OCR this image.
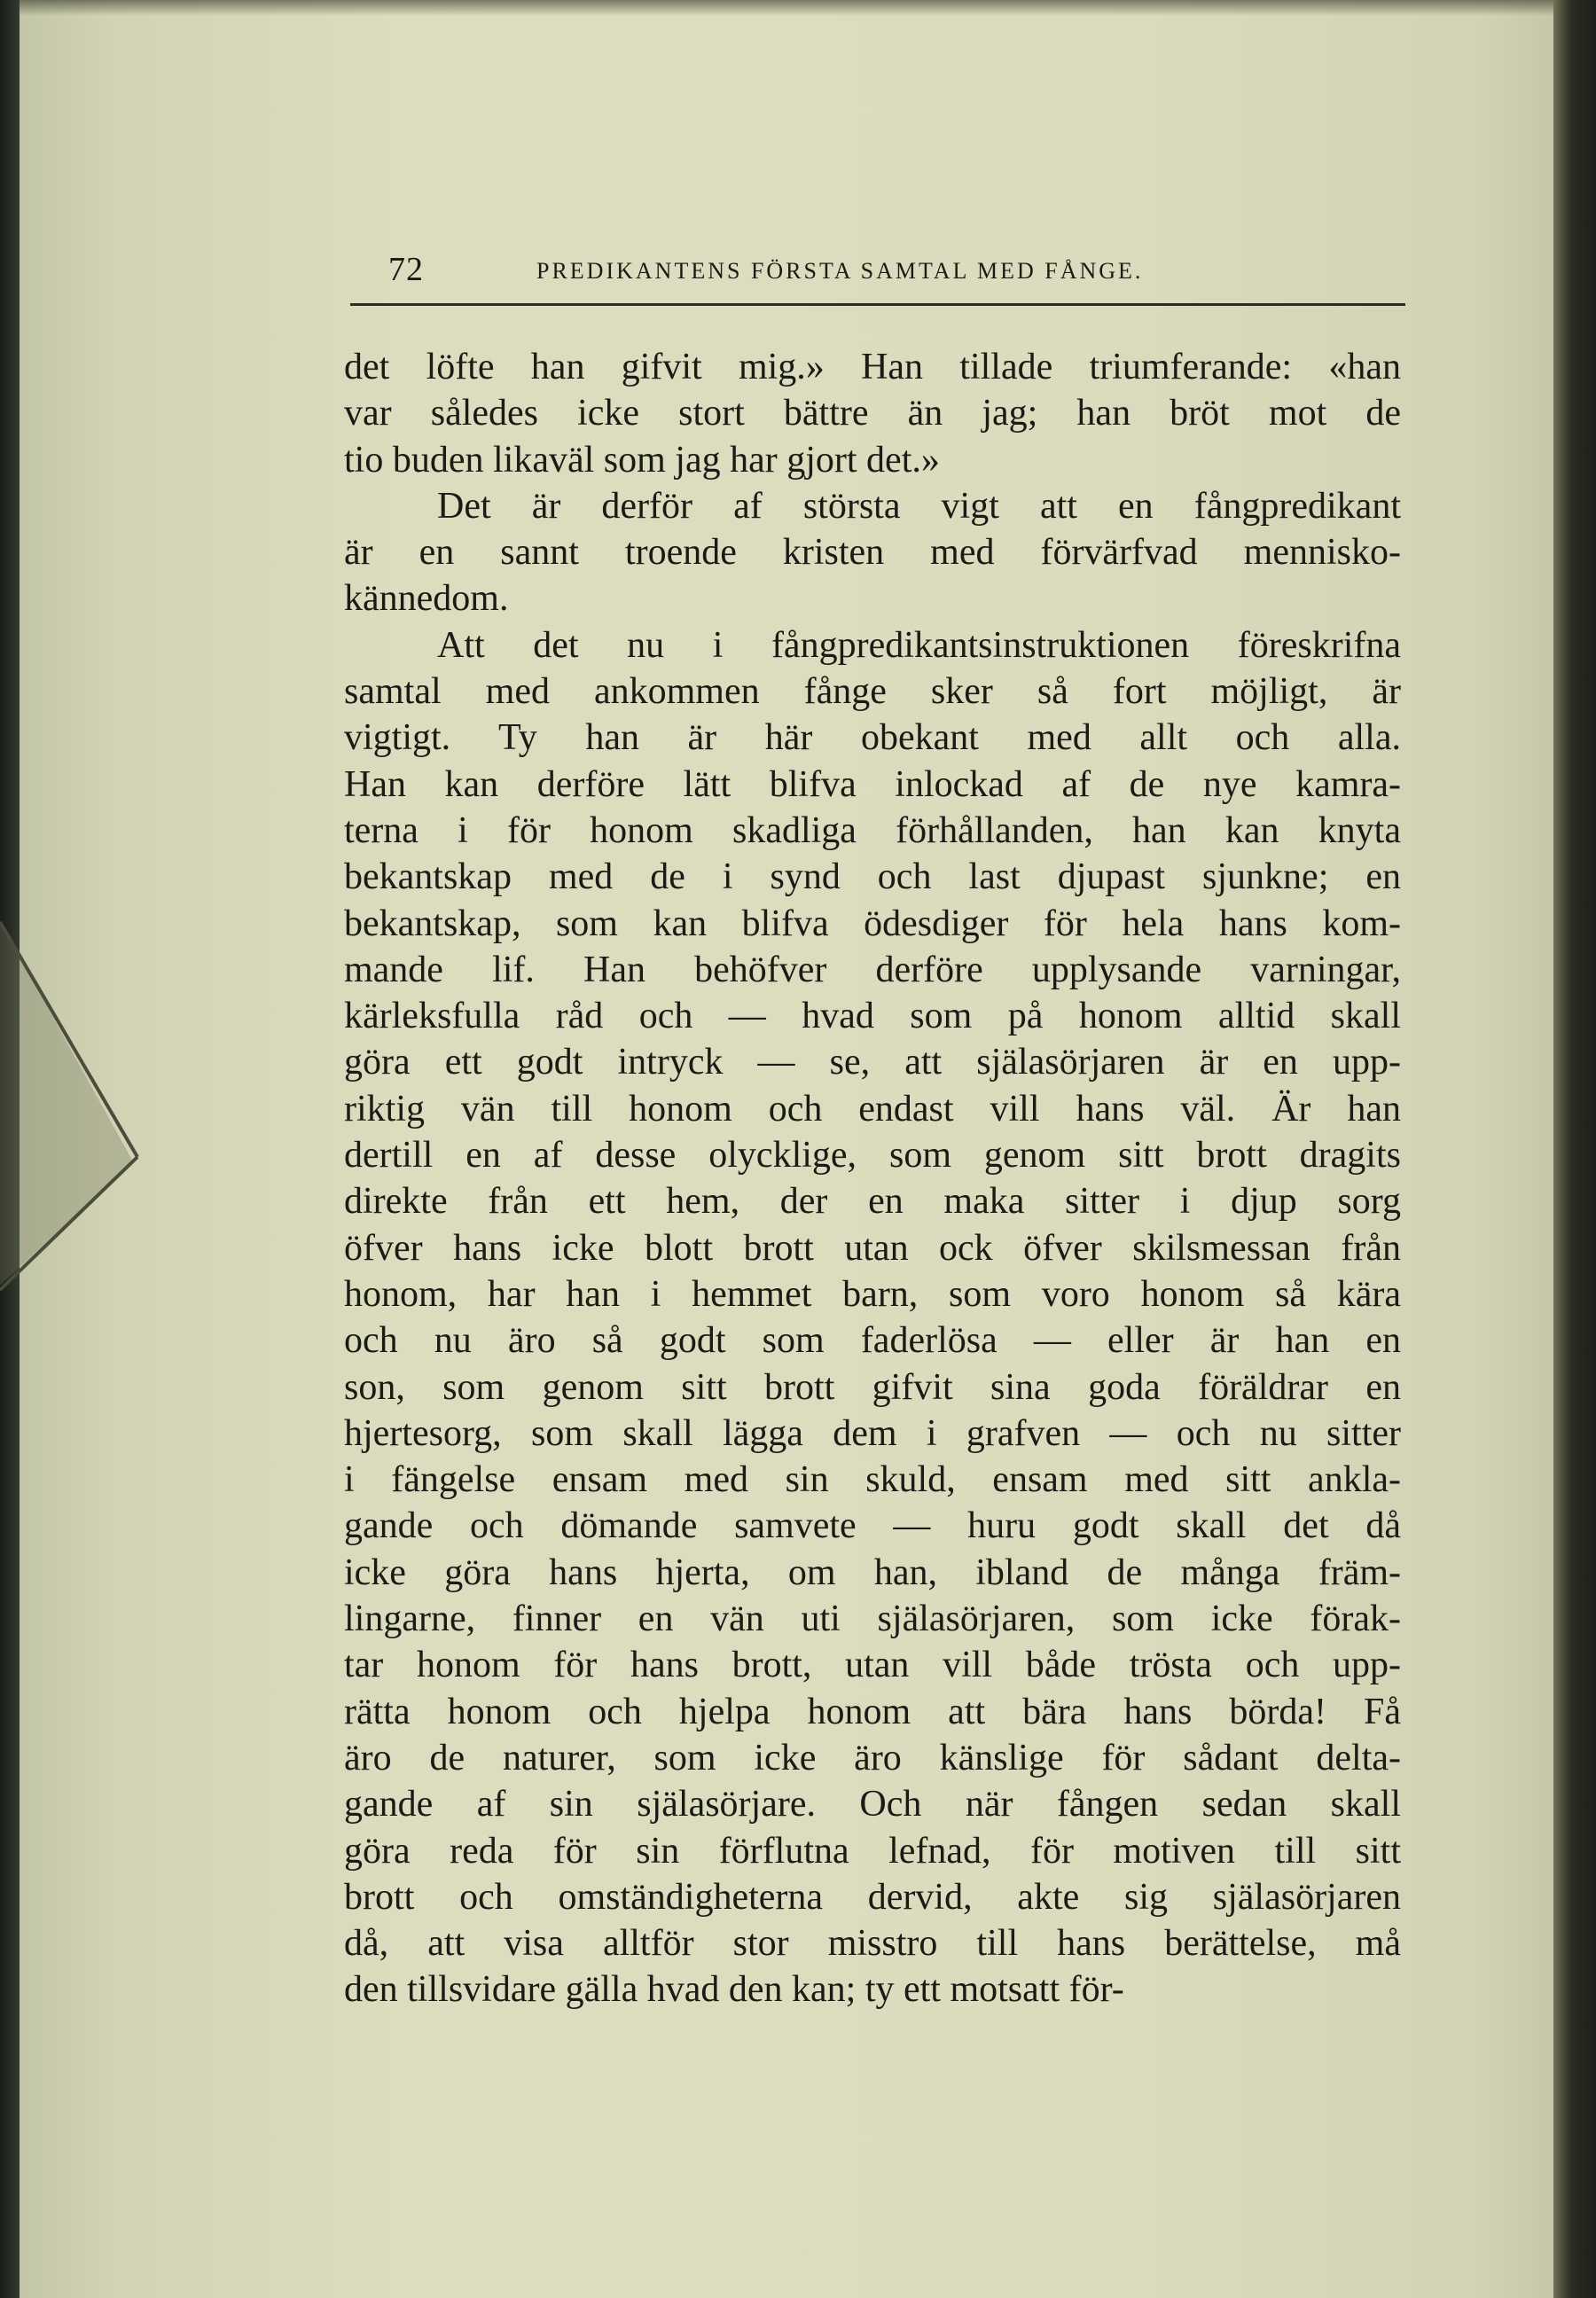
72	PREDIKANTENS FÖRSTA SAMTAL MED FÅNGE.
det löfte han gifvit mig.» Han tillade triumferande: «han
var således icke stort bättre än jag; han bröt mot de
tio buden likaväl som jag har gjort det.»
Det är derför af största vigt att en fångpredikant
är en sannt troende kristen med förvärfvad mennisko-
kännedom.
Att det nu i fångpredikantsinstruktionen föreskrifna
samtal med ankommen fånge sker så fort möjligt, är
vigtigt. Ty han är här obekant med allt och alla.
Han kan derföre lätt blifva inlockad af de nye kamra-
terna i för honom skadliga förhållanden, han kan knyta
bekantskap med de i synd och last djupast sjunkne; en
bekantskap, som kan blifva ödesdiger för hela hans kom-
mande lif. Han behöfver derföre upplysande varningar,
kärleksfulla råd och — hvad som på honom alltid skall
göra ett godt intryck — se, att själasörjaren är en upp-
riktig vän till honom och endast vill hans väl. Är han
dertill en af desse olycklige, som genom sitt brott dragits
direkte från ett hem, der en maka sitter i djup sorg
öfver hans icke blott brott utan ock öfver skilsmessan från
honom, har han i hemmet barn, som voro honom så kära
och nu äro så godt som faderlösa — eller är han en
son, som genom sitt brott gifvit sina goda föräldrar en
hjertesorg, som skall lägga dem i grafven — och nu sitter
i fängelse ensam med sin skuld, ensam med sitt ankla-
gande och dömande samvete — huru godt skall det då
icke göra hans hjerta, om han, ibland de många främ-
lingarne, finner en vän uti själasörjaren, som icke förak-
tar honom för hans brott, utan vill både trösta och upp-
rätta honom och hjelpa honom att bära hans börda! Få
äro de naturer, som icke äro känslige för sådant delta-
gande af sin själasörjare. Och när fången sedan skall
göra reda för sin förflutna lefnad, för motiven till sitt
brott och omständigheterna dervid, akte sig själasörjaren
då, att visa alltför stor misstro till hans berättelse, må
den tillsvidare gälla hvad den kan; ty ett motsatt för-
